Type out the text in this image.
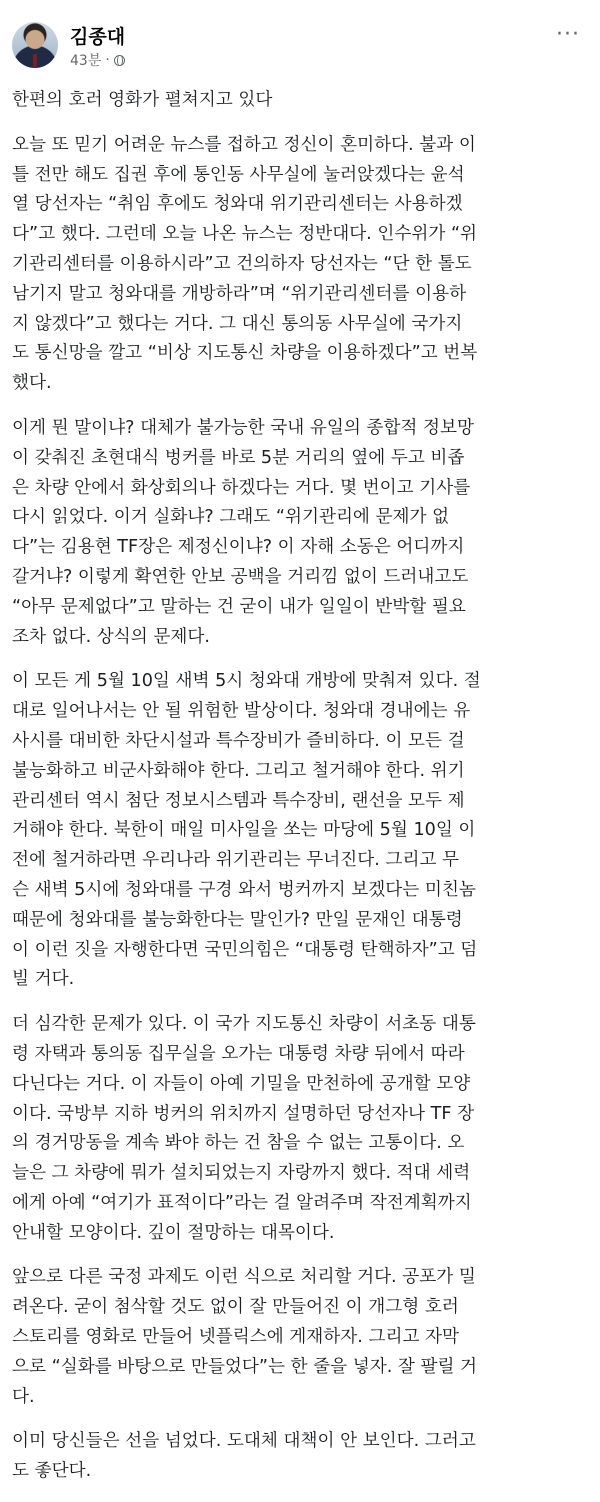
김종대
43분 ·
···

한편의 호러 영화가 펼쳐지고 있다

오늘 또 믿기 어려운 뉴스를 접하고 정신이 혼미하다. 불과 이
틀 전만 해도 집권 후에 통인동 사무실에 눌러앉겠다는 윤석
열 당선자는 “취임 후에도 청와대 위기관리센터는 사용하겠
다”고 했다. 그런데 오늘 나온 뉴스는 정반대다. 인수위가 “위
기관리센터를 이용하시라”고 건의하자 당선자는 “단 한 톨도
남기지 말고 청와대를 개방하라”며 “위기관리센터를 이용하
지 않겠다”고 했다는 거다. 그 대신 통의동 사무실에 국가지
도 통신망을 깔고 “비상 지도통신 차량을 이용하겠다”고 번복
했다.

이게 뭔 말이냐? 대체가 불가능한 국내 유일의 종합적 정보망
이 갖춰진 초현대식 벙커를 바로 5분 거리의 옆에 두고 비좁
은 차량 안에서 화상회의나 하겠다는 거다. 몇 번이고 기사를
다시 읽었다. 이거 실화냐? 그래도 “위기관리에 문제가 없
다”는 김용현 TF장은 제정신이냐? 이 자해 소동은 어디까지
갈거냐? 이렇게 확연한 안보 공백을 거리낌 없이 드러내고도
“아무 문제없다”고 말하는 건 굳이 내가 일일이 반박할 필요
조차 없다. 상식의 문제다.

이 모든 게 5월 10일 새벽 5시 청와대 개방에 맞춰져 있다. 절
대로 일어나서는 안 될 위험한 발상이다. 청와대 경내에는 유
사시를 대비한 차단시설과 특수장비가 즐비하다. 이 모든 걸
불능화하고 비군사화해야 한다. 그리고 철거해야 한다. 위기
관리센터 역시 첨단 정보시스템과 특수장비, 랜선을 모두 제
거해야 한다. 북한이 매일 미사일을 쏘는 마당에 5월 10일 이
전에 철거하라면 우리나라 위기관리는 무너진다. 그리고 무
슨 새벽 5시에 청와대를 구경 와서 벙커까지 보겠다는 미친놈
때문에 청와대를 불능화한다는 말인가? 만일 문재인 대통령
이 이런 짓을 자행한다면 국민의힘은 “대통령 탄핵하자”고 덤
빌 거다.

더 심각한 문제가 있다. 이 국가 지도통신 차량이 서초동 대통
령 자택과 통의동 집무실을 오가는 대통령 차량 뒤에서 따라
다닌다는 거다. 이 자들이 아예 기밀을 만천하에 공개할 모양
이다. 국방부 지하 벙커의 위치까지 설명하던 당선자나 TF 장
의 경거망동을 계속 봐야 하는 건 참을 수 없는 고통이다. 오
늘은 그 차량에 뭐가 설치되었는지 자랑까지 했다. 적대 세력
에게 아예 “여기가 표적이다”라는 걸 알려주며 작전계획까지
안내할 모양이다. 깊이 절망하는 대목이다.

앞으로 다른 국정 과제도 이런 식으로 처리할 거다. 공포가 밀
려온다. 굳이 첨삭할 것도 없이 잘 만들어진 이 개그형 호러
스토리를 영화로 만들어 넷플릭스에 게재하자. 그리고 자막
으로 “실화를 바탕으로 만들었다”는 한 줄을 넣자. 잘 팔릴 거
다.

이미 당신들은 선을 넘었다. 도대체 대책이 안 보인다. 그러고
도 좋단다.
